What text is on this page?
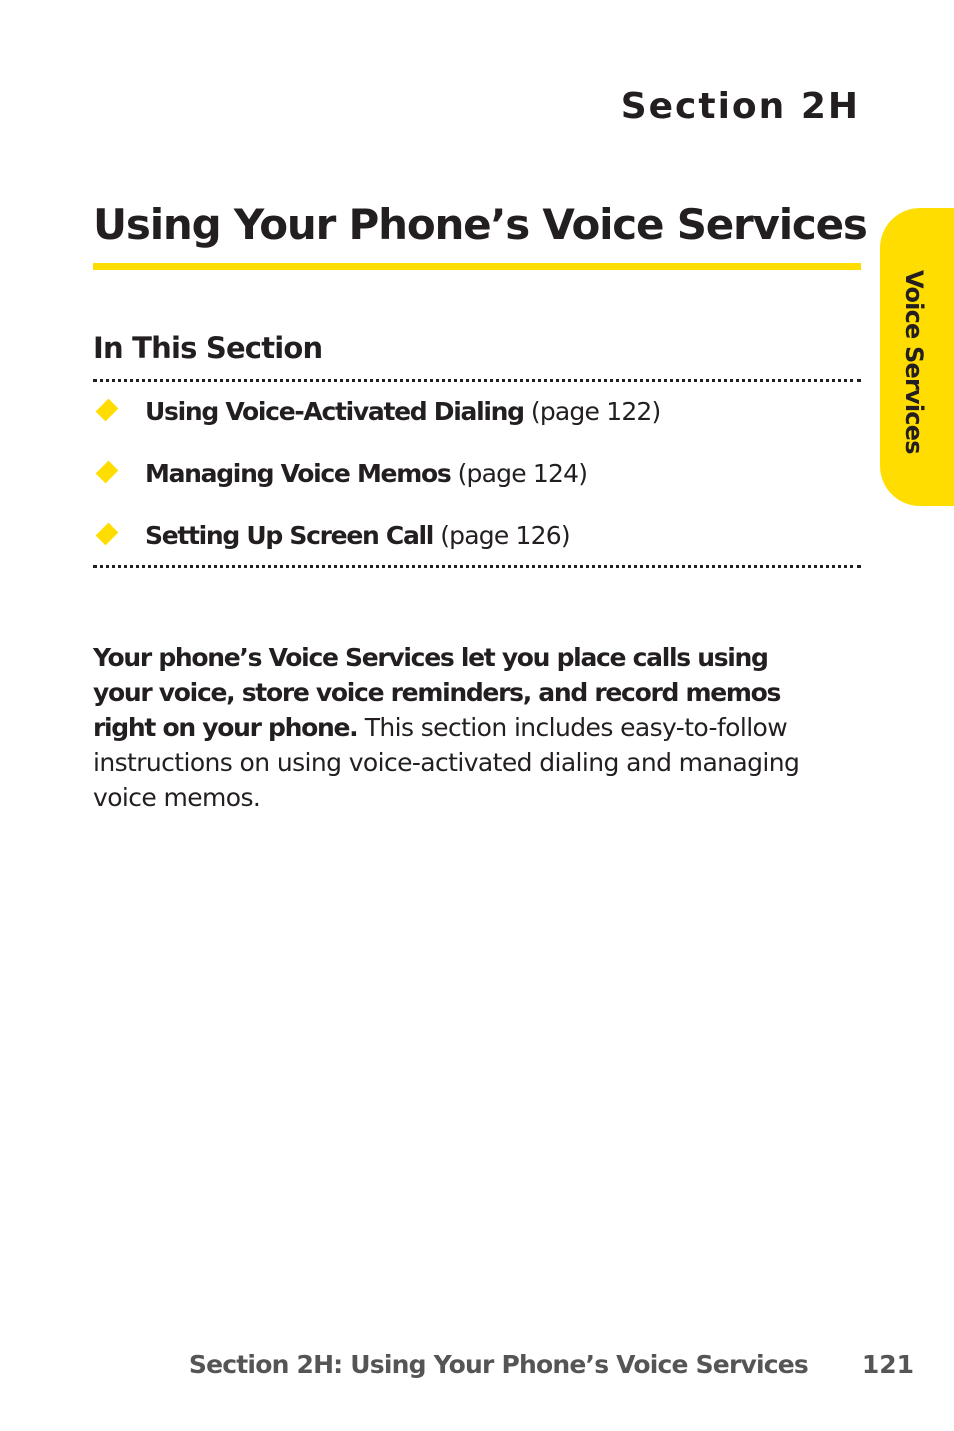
Section 2H
Using Your Phone’s Voice Services
Voice Services
In This Section
Using Voice-Activated Dialing (page 122)
Managing Voice Memos (page 124)
Setting Up Screen Call (page 126)
Your phone’s Voice Services let you place calls using your voice, store voice reminders, and record memos right on your phone. This section includes easy-to-follow instructions on using voice-activated dialing and managing voice memos.
Section 2H: Using Your Phone’s Voice Services 121
